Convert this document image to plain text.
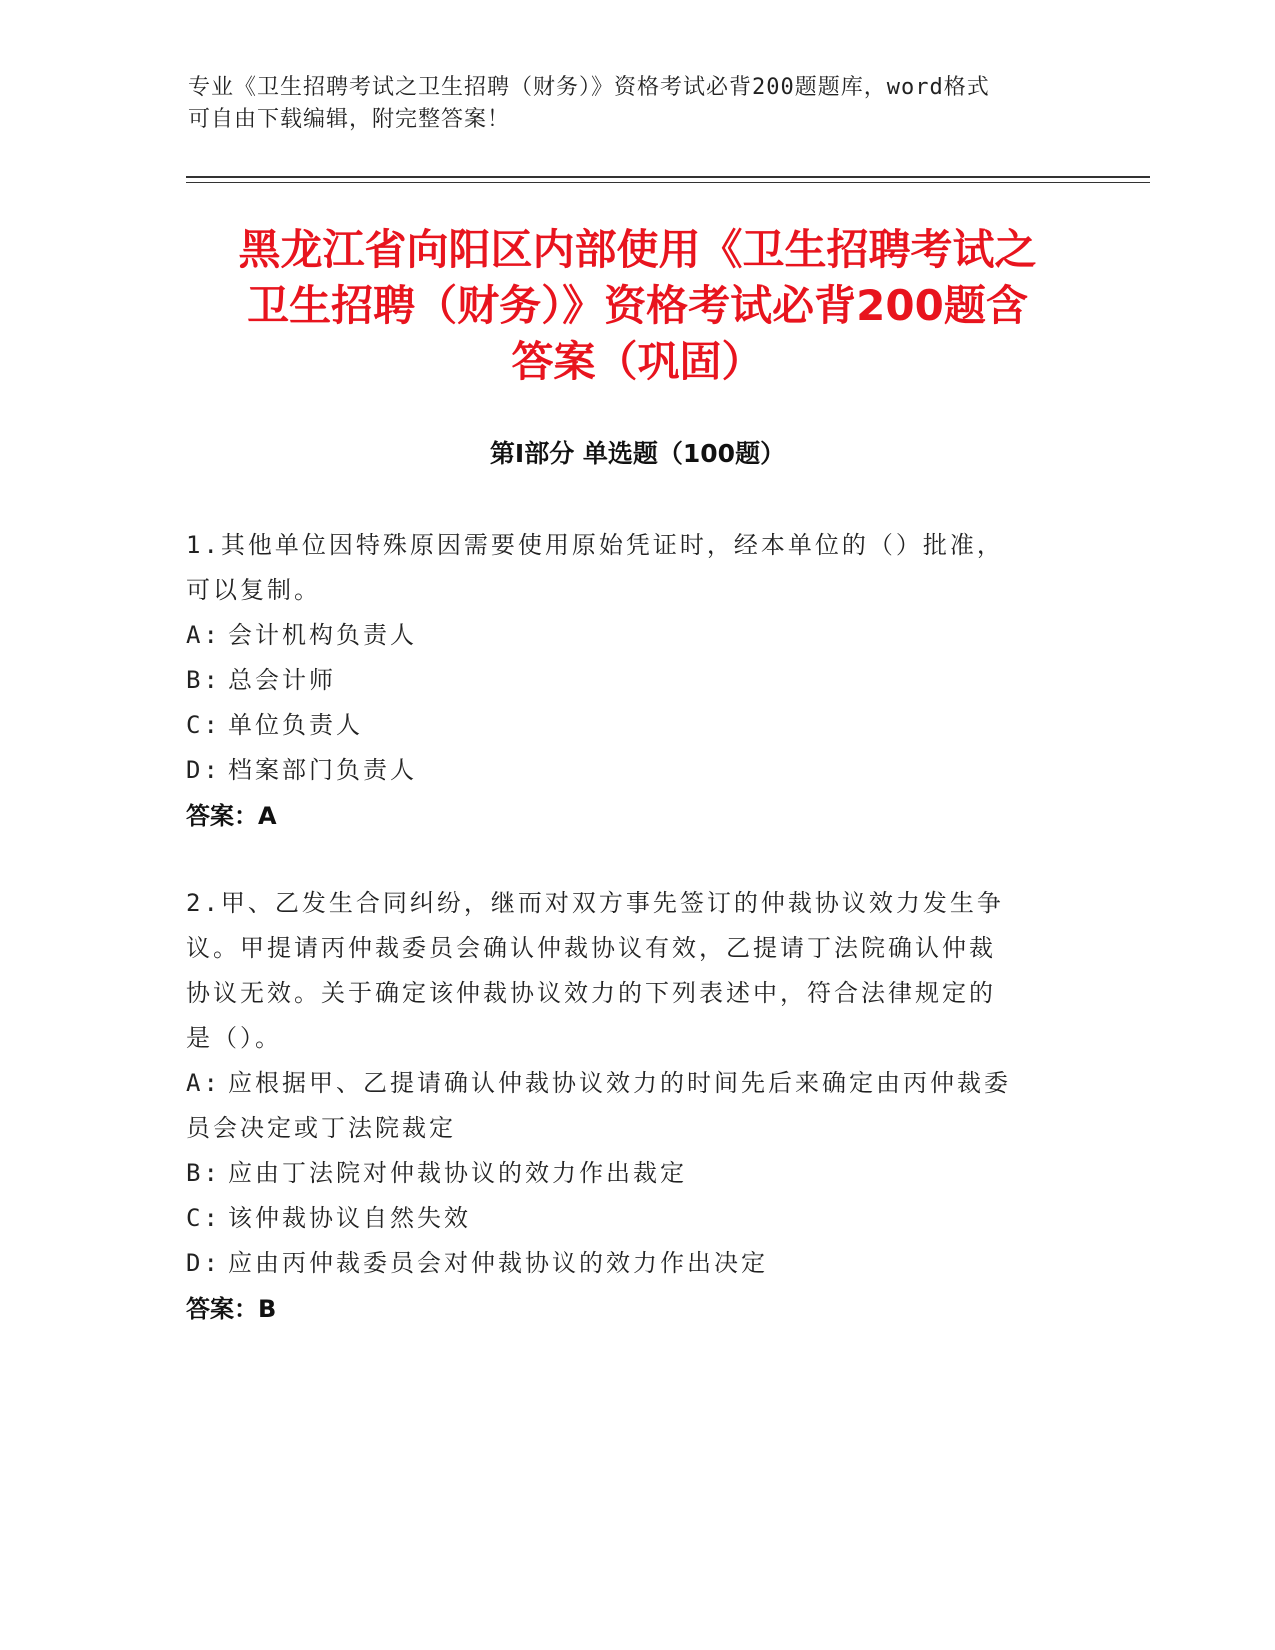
专业《卫生招聘考试之卫生招聘（财务）》资格考试必背200题题库，word格式
可自由下载编辑，附完整答案！
黑龙江省向阳区内部使用《卫生招聘考试之
卫生招聘（财务）》资格考试必背200题含
答案（巩固）
第Ⅰ部分 单选题（100题）
1.其他单位因特殊原因需要使用原始凭证时，经本单位的（）批准，
可以复制。
A: 会计机构负责人
B: 总会计师
C: 单位负责人
D: 档案部门负责人
答案：A
2.甲、乙发生合同纠纷，继而对双方事先签订的仲裁协议效力发生争
议。甲提请丙仲裁委员会确认仲裁协议有效，乙提请丁法院确认仲裁
协议无效。关于确定该仲裁协议效力的下列表述中，符合法律规定的
是（）。
A: 应根据甲、乙提请确认仲裁协议效力的时间先后来确定由丙仲裁委
员会决定或丁法院裁定
B: 应由丁法院对仲裁协议的效力作出裁定
C: 该仲裁协议自然失效
D: 应由丙仲裁委员会对仲裁协议的效力作出决定
答案：B
